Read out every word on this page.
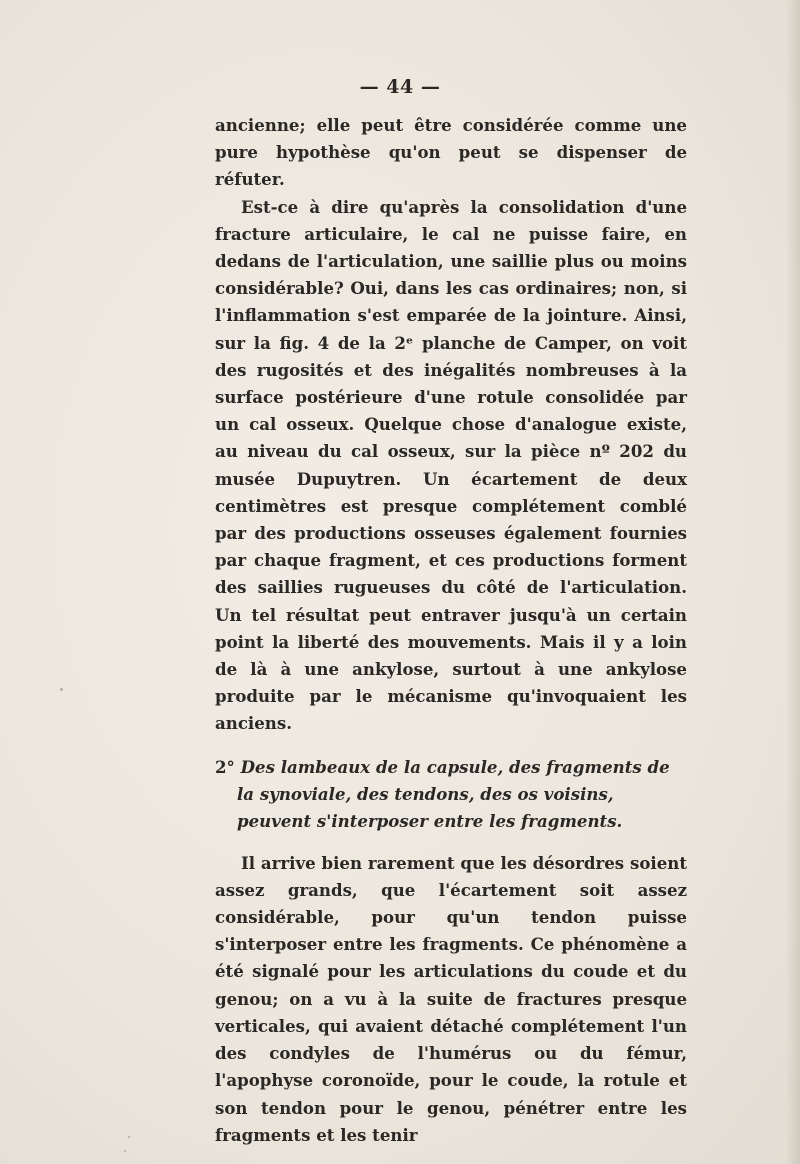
— 44 —

ancienne; elle peut être considérée comme une pure hypothèse qu'on peut se dispenser de réfuter.

Est-ce à dire qu'après la consolidation d'une fracture articulaire, le cal ne puisse faire, en dedans de l'articulation, une saillie plus ou moins considérable? Oui, dans les cas ordinaires; non, si l'inflammation s'est emparée de la jointure. Ainsi, sur la fig. 4 de la 2ᵉ planche de Camper, on voit des rugosités et des inégalités nombreuses à la surface postérieure d'une rotule consolidée par un cal osseux. Quelque chose d'analogue existe, au niveau du cal osseux, sur la pièce nº 202 du musée Dupuytren. Un écartement de deux centimètres est presque complétement comblé par des productions osseuses également fournies par chaque fragment, et ces productions forment des saillies rugueuses du côté de l'articulation. Un tel résultat peut entraver jusqu'à un certain point la liberté des mouvements. Mais il y a loin de là à une ankylose, surtout à une ankylose produite par le mécanisme qu'invoquaient les anciens.

2° Des lambeaux de la capsule, des fragments de la synoviale, des tendons, des os voisins, peuvent s'interposer entre les fragments.

Il arrive bien rarement que les désordres soient assez grands, que l'écartement soit assez considérable, pour qu'un tendon puisse s'interposer entre les fragments. Ce phénomène a été signalé pour les articulations du coude et du genou; on a vu à la suite de fractures presque verticales, qui avaient détaché complétement l'un des condyles de l'humérus ou du fémur, l'apophyse coronoïde, pour le coude, la rotule et son tendon pour le genou, pénétrer entre les fragments et les tenir
